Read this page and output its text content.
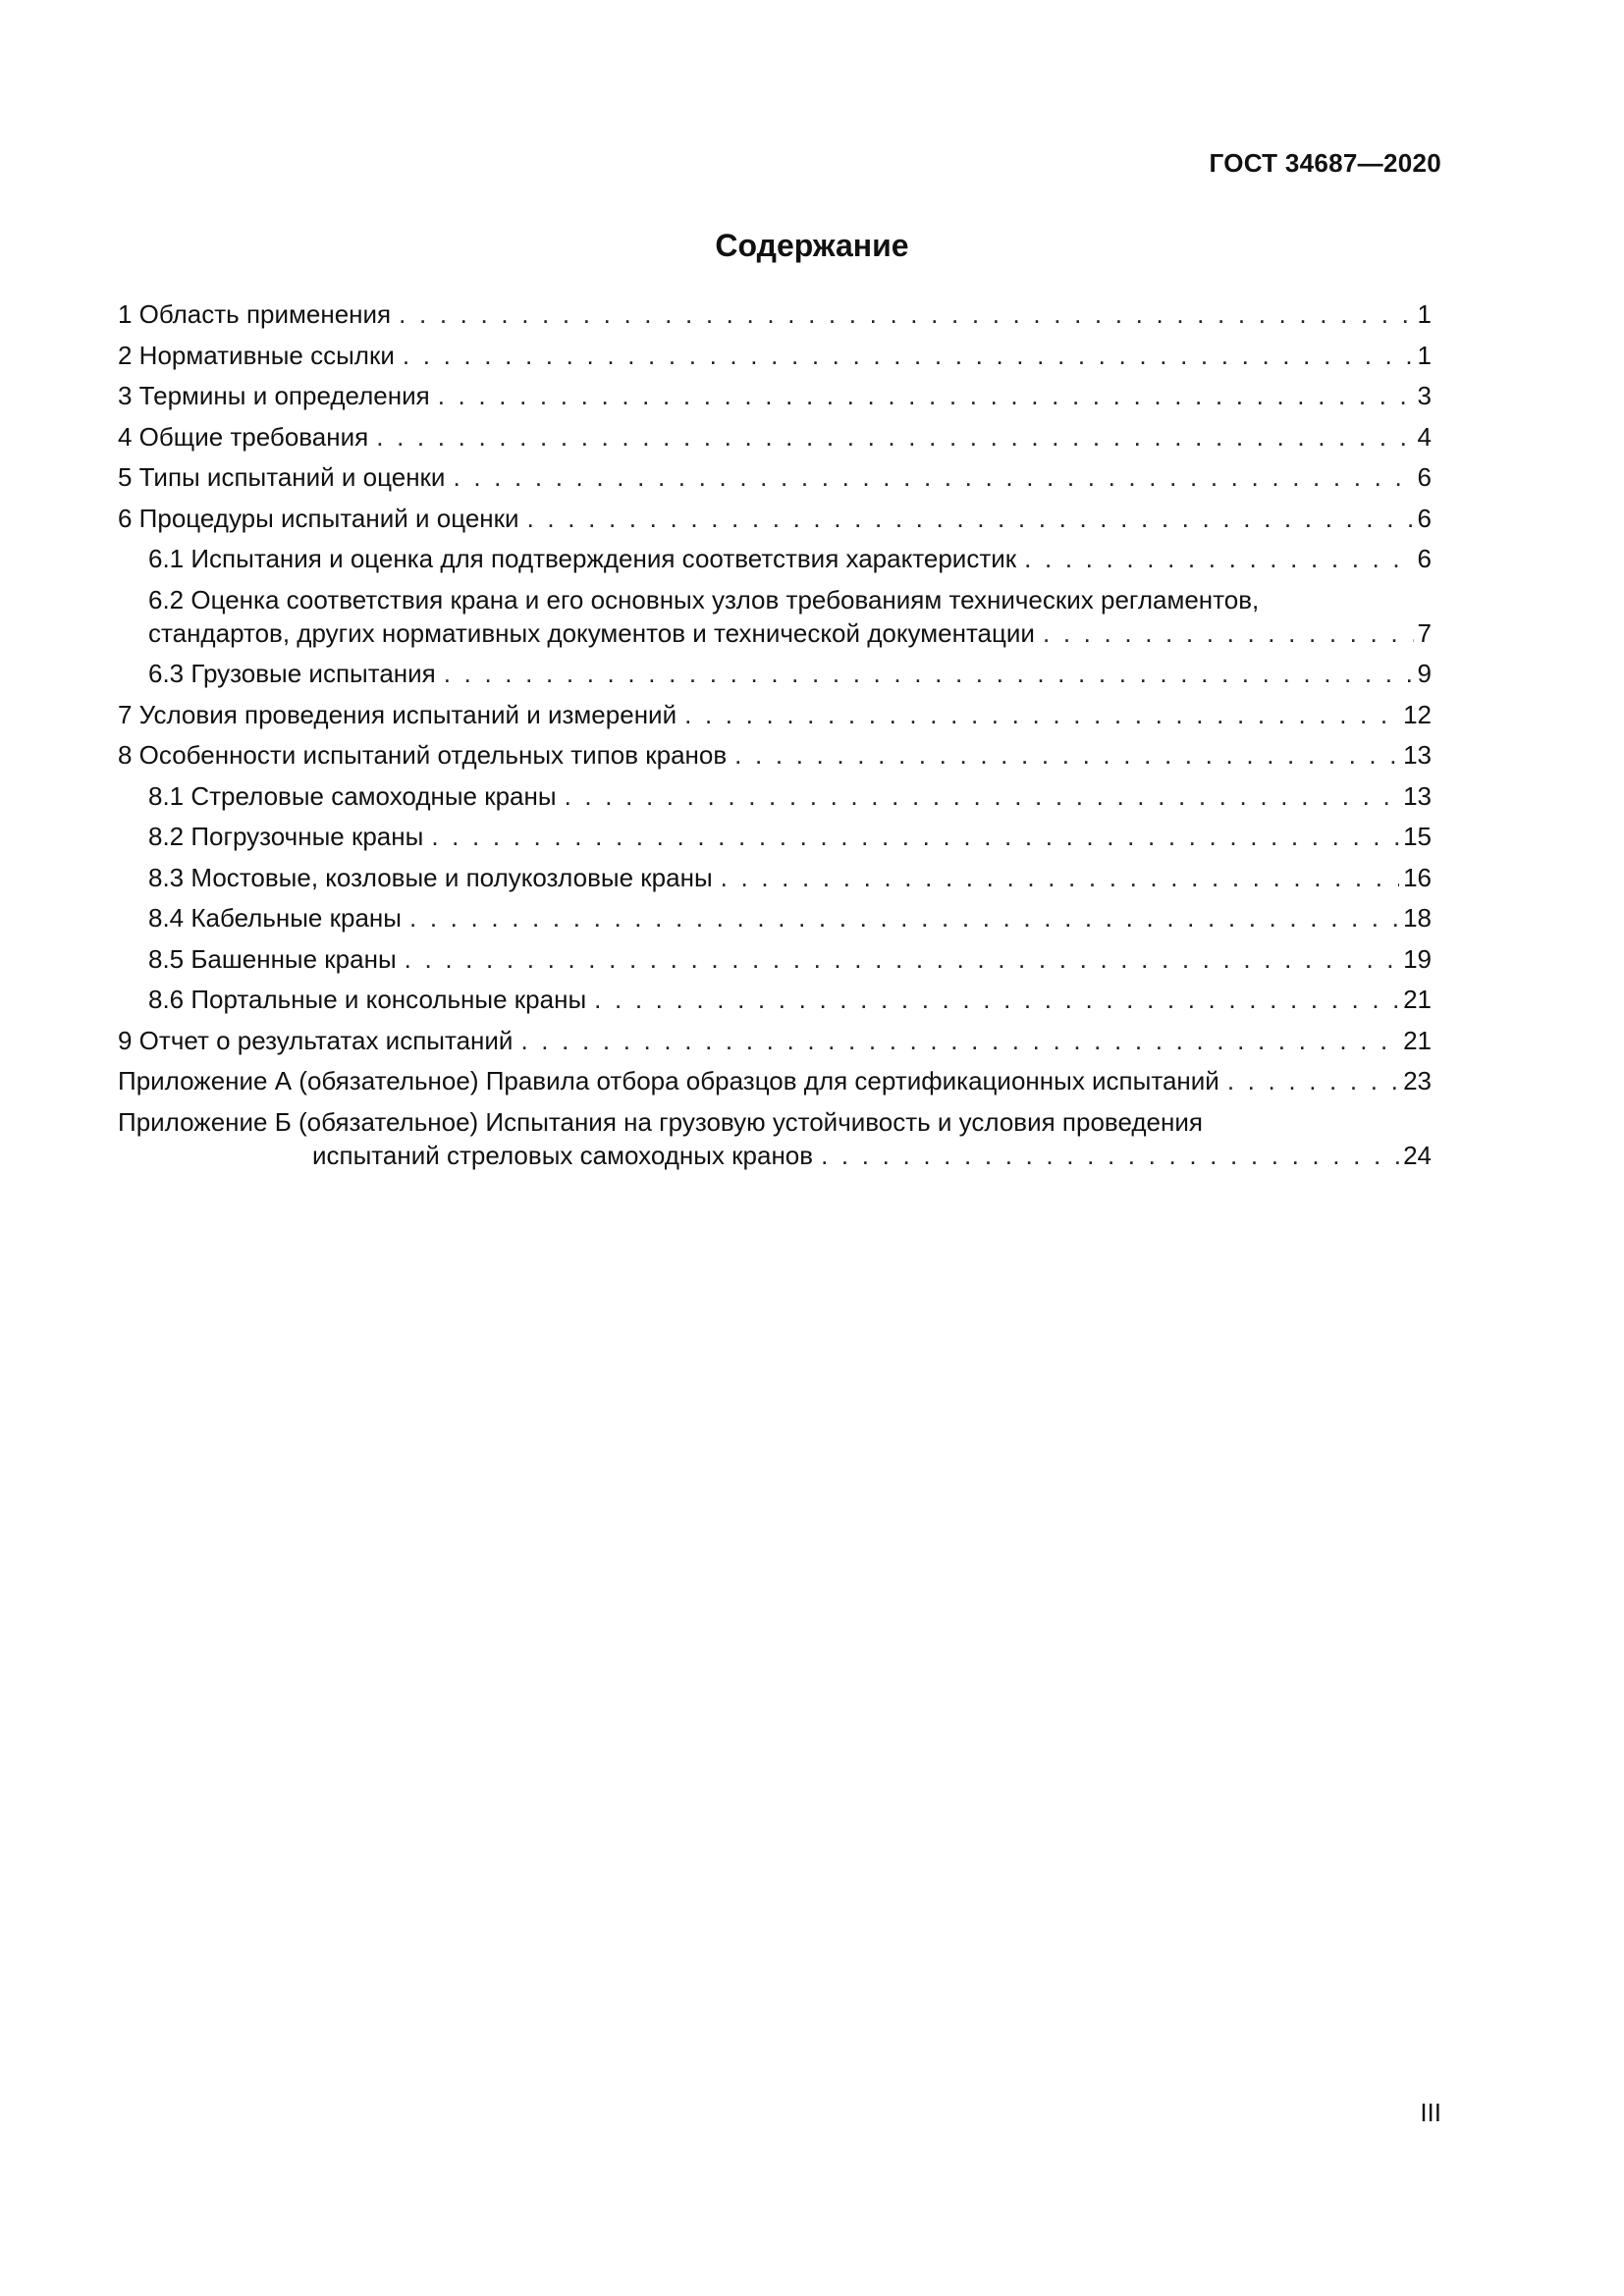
ГОСТ 34687—2020
Содержание
1 Область применения . . .	1
2 Нормативные ссылки . . .	1
3 Термины и определения . . .	3
4 Общие требования . . .	4
5 Типы испытаний и оценки . . .	6
6 Процедуры испытаний и оценки . . .	6
6.1 Испытания и оценка для подтверждения соответствия характеристик . . .	6
6.2 Оценка соответствия крана и его основных узлов требованиям технических регламентов,
стандартов, других нормативных документов и технической документации . . .	7
6.3 Грузовые испытания . . .	9
7 Условия проведения испытаний и измерений . . .	12
8 Особенности испытаний отдельных типов кранов . . .	13
8.1 Стреловые самоходные краны . . .	13
8.2 Погрузочные краны . . .	15
8.3 Мостовые, козловые и полукозловые краны . . .	16
8.4 Кабельные краны . . .	18
8.5 Башенные краны . . .	19
8.6 Портальные и консольные краны . . .	21
9 Отчет о результатах испытаний . . .	21
Приложение А (обязательное) Правила отбора образцов для сертификационных испытаний . . .	23
Приложение Б (обязательное) Испытания на грузовую устойчивость и условия проведения
испытаний стреловых самоходных кранов . . .	24
III
